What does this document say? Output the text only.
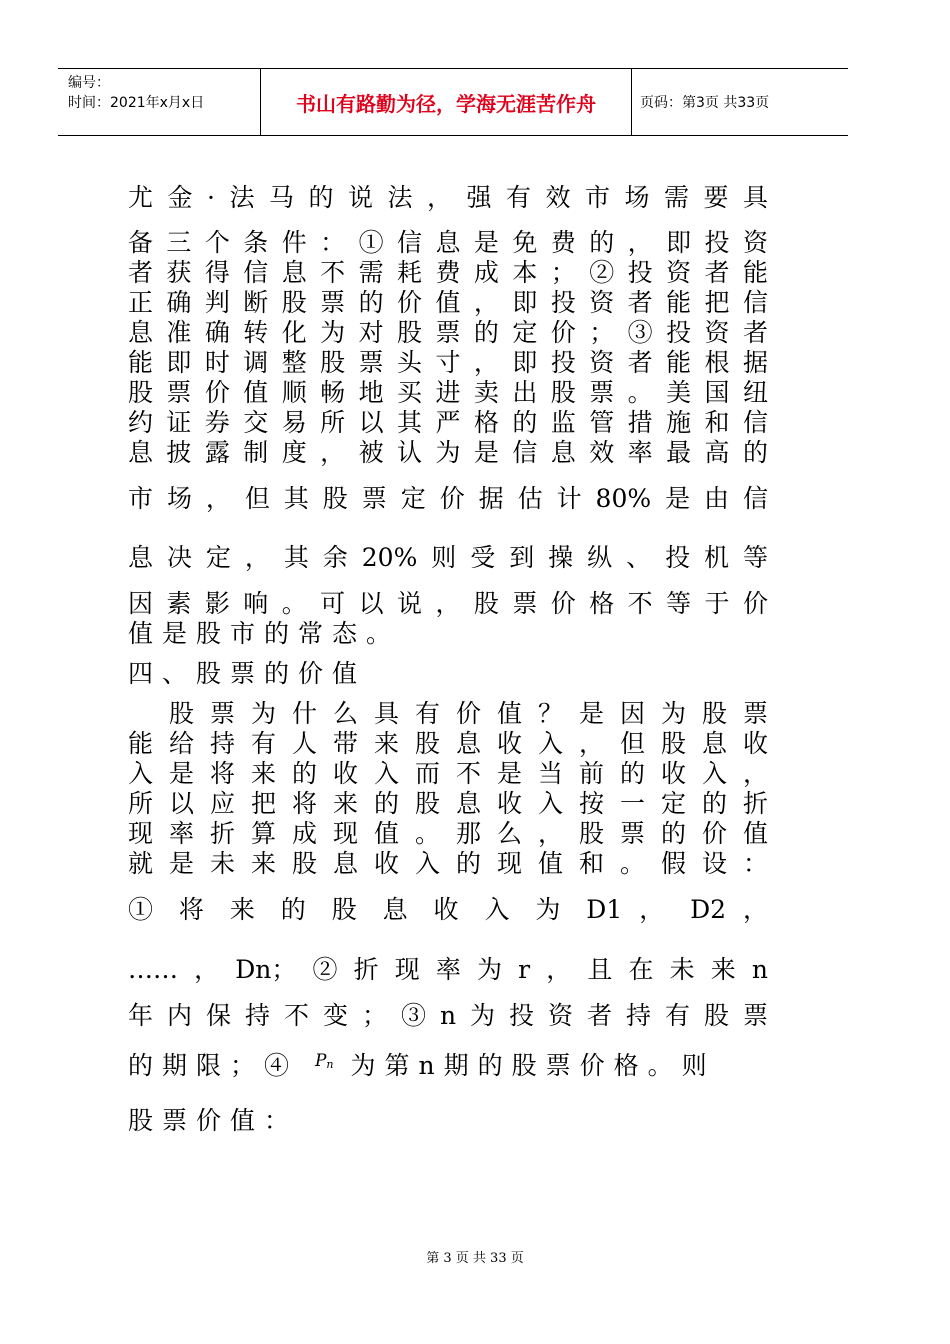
编号：
时间：2021年x月x日	书山有路勤为径，学海无涯苦作舟	页码：第3页 共33页
尤金·法马的说法，强有效市场需要具
备三个条件：①信息是免费的，即投资
者获得信息不需耗费成本；②投资者能
正确判断股票的价值，即投资者能把信
息准确转化为对股票的定价；③投资者
能即时调整股票头寸，即投资者能根据
股票价值顺畅地买进卖出股票。美国纽
约证券交易所以其严格的监管措施和信
息披露制度，被认为是信息效率最高的
市场，但其股票定价据估计80%是由信
息决定，其余20%则受到操纵、投机等
因素影响。可以说，股票价格不等于价
值是股市的常态。
四、股票的价值
　股票为什么具有价值？是因为股票
能给持有人带来股息收入，但股息收
入是将来的收入而不是当前的收入，
所以应把将来的股息收入按一定的折
现率折算成现值。那么，股票的价值
就是未来股息收入的现值和。假设：
① 将 来 的 股 息 收 入 为 D1 ， D2 ，
……，Dn；②折现率为r，且在未来n
年内保持不变；③n为投资者持有股票
的期限；④ $P_n$ 为第n期的股票价格。则
股票价值：
第 3 页 共 33 页
